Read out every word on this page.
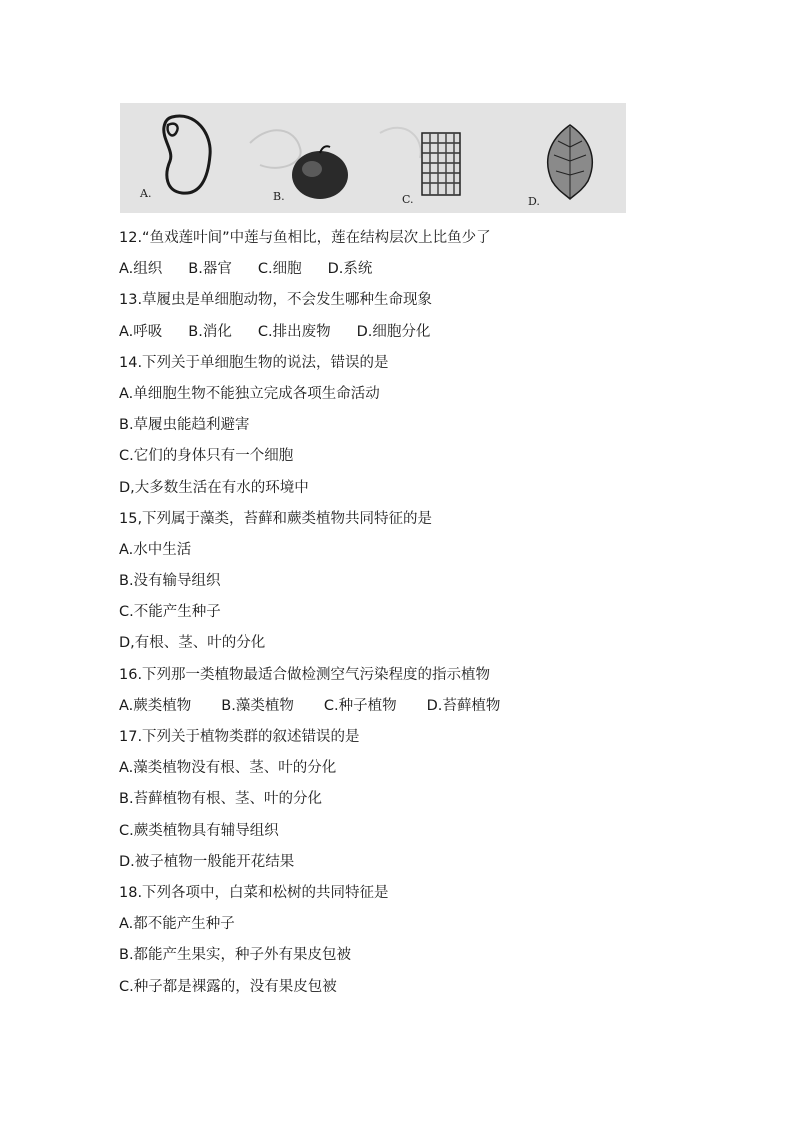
A.	B.	C.	D.
12.“鱼戏莲叶间”中莲与鱼相比，莲在结构层次上比鱼少了
A.组织 B.器官 C.细胞 D.系统
13.草履虫是单细胞动物，不会发生哪种生命现象
A.呼吸 B.消化 C.排出废物 D.细胞分化
14.下列关于单细胞生物的说法，错误的是
A.单细胞生物不能独立完成各项生命活动
B.草履虫能趋利避害
C.它们的身体只有一个细胞
D,大多数生活在有水的环境中
15,下列属于藻类，苔藓和蕨类植物共同特征的是
A.水中生活
B.没有输导组织
C.不能产生种子
D,有根、茎、叶的分化
16.下列那一类植物最适合做检测空气污染程度的指示植物
A.蕨类植物 B.藻类植物 C.种子植物 D.苔藓植物
17.下列关于植物类群的叙述错误的是
A.藻类植物没有根、茎、叶的分化
B.苔藓植物有根、茎、叶的分化
C.蕨类植物具有辅导组织
D.被子植物一般能开花结果
18.下列各项中，白菜和松树的共同特征是
A.都不能产生种子
B.都能产生果实，种子外有果皮包被
C.种子都是裸露的，没有果皮包被
